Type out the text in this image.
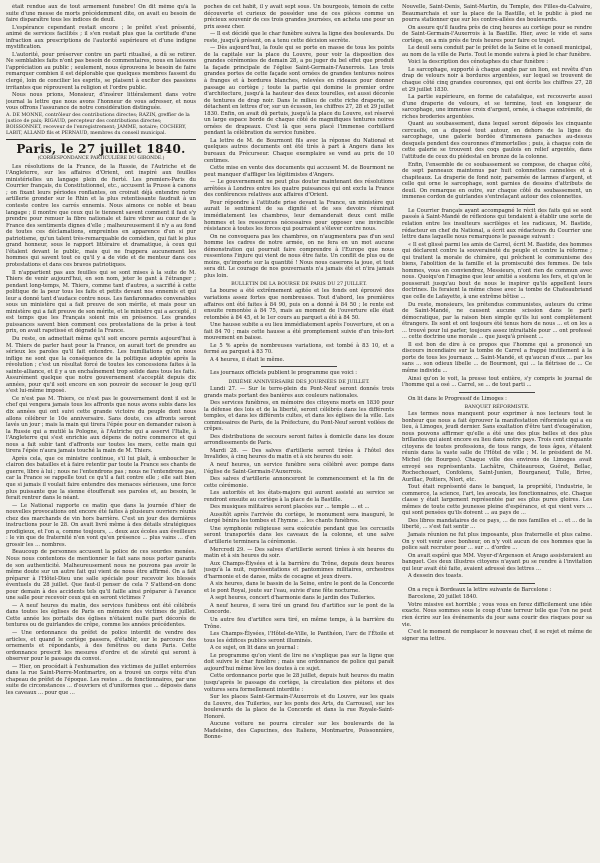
était rendue aux de tout armement funèbre! On dit même qu'à la suite d'une messe de morts précédemment dite, on avait eu besoin de faire disparaître tous les indices de deuil.

L'espérance cependant restait encore ; le préfet s'est présenté, animé de services facilités ; il s'en restait plus que la certitude d'une infraction aux prescriptions de l'autorité supérieure et d'une indigne mystification.

L'autorité, pour préserver contre un parti ritualisé, a dû se retirer. Ne semblables faits n'ont pas besoin de commentaires, nous en laissons l'appréciation au public ; seulement, nous éprouvons le besoin de faire remarquer combien il est déplorable que quelques membres fassent du clergé, loin de concilier les esprits, se plaisent à exciter des passions irritantes que réprouvent la religion et l'ordre public.

Nous nous prions, Monsieur, d'insérer littéralement dans votre journal la lettre que nous avons l'honneur de vous adresser, et nous vous offrons l'assurance de notre considération distinguée.

A. DE MONNE, contrôleur des contributions directes; RAZIN, greffier de la justice de paix; RIGAUD, percepteur des contributions directes; BOISSONNET, receveur de l'enregistrement; JAMME, notaire; COCHERY, LABIT, ALLAND fils et PERNAUD, membres du conseil municipal.

Paris, le 27 juillet 1840.
(CORRESPONDANCE PARTICULIÈRE DU GIRONDE.)

Les résolutions de la France, de la Russie, de l'Autriche et de l'Angleterre, sur les affaires d'Orient, ont inspiré aux feuilles ministérielles un langage plein de fierté. Les premiers-Paris du Courrier français, du Constitutionnel, etc., accusent la Prusse à canons ; on fixant leurs périodes ronflantes, on croirait déjà entendre notre artillerie gronder sur le Rhin et la plus retentissante faudrait à un conteste contre les carrés ennemis. Nous aimons ce noble et beau langage ; il montre que ceux qui le tiennent savent comment il faut s'y prendre pour remuer la fibre nationale et faire vibrer au cœur de la France des sentiments dignes d'elle ; malheureusement il n'y a au fond de toutes ces déclamations, empreintes en apparence d'un si pur patriotisme, qu'un talent très-remarquable de comédien, qui fait le plus grand honneur, sous le rapport littéraire et dramatique, à ceux qui l'étalent devant le public, mais qui ne frappera aucunement les hommes qui savent tout ce qu'il y a de vide et de menteur dans ces protestations et dans ces bravos patriotiques.

Il n'appartient pas aux feuilles qui se sont mises à la suite de M. Thiers de venir aujourd'hui, en son nom, jeter le gant à l'étranger ; pendant long-temps, M. Thiers, comme tant d'autres, a sacrifié à cette politique de la peur tous les faits et petits devant nos ennemis et qui leur a donné tant d'audace contre nous. Les fanfaronnades convenables sous un ministère qui a fait preuve de son mérite, et mais pour un ministère qui a fait preuve de son mérite, et le ministre qui a accepté, il est temps que les Français soient mis en présence. Les grandes puissances savent bien comment ces protestations de la prise à tout prix, on avait rapetissé et dégradé la France.

Du reste, on admettait même qu'il soit encore permis aujourd'hui à M. Thiers de parler haut pour la France, on aurait tort de prendre au sérieux les paroles qu'il fait entendre. Les humiliations qu'on nous inflige ne sont que la conséquence de la politique adoptée après la révolution ; c'est un résultat forcé de toutes les concessions faites à la sainte-alliance, et il y a un enchaînement trop solide dans tous les faits. Assurément quelque que notre gouvernement s'acceptât depuis dix années, pour qu'il soit encore en son pouvoir de secouer le joug qu'il s'est lui-même imposé.

Ce n'est pas M. Thiers, ce n'est pas le gouvernement dont il est le chef qui vengera jamais tous les affronts que nous avons subis dans les dix années qui ont suivi cette grande victoire du peuple dont nous allons célébrer le 10e anniversaire. Sans doute, ces affronts seront lavés un jour ; mais la main qui tirera l'épée pour en demander raison à la Russie qui a mutilé la Pologne, à l'Autriche qui a asservi l'Italie, à l'Angleterre qui s'est enrichie aux dépens de notre commerce et qui nous a fait subir tant d'affronts sur toutes les mers, cette main qui tirera l'épée n'aura jamais touché la main de M. Thiers.

Après cela, que ce ministre continue, s'il lui plaît, à emboucher le clairon des batailles et à faire retentir par toute la France ses chants de guerre, libre à lui ; nous ne l'entendrons pas ; nous ne l'entendrons pas, car la France se rappelle tout ce qu'il a fait contre elle ; elle sait bien que si jamais il voulait faire entendre des menaces sérieuses, une force plus puissante que la sienne étoufferait ses paroles et, au besoin, le ferait rentrer dans le néant.

— Le National rapporte ce matin que dans la journée d'hier de nouvelles provocations ont encore été faites à plusieurs ouvriers réunis chez des marchands de vin hors barrière. C'est un jour des dernières instructions pour le 28. On avait livré même à des détails stratégiques prodigieux, et l'on a, comme toujours, ... deux aux écoles aux éveilleurs : le vin que de fraternité n'en vont qu'en présence ... plus vains ... d'en grossir les ... nombres.

Beaucoup de personnes accusent la police de ces sourdes menées. Nous nous contentons de mentionner le fait sans nous porter garants de son authenticité. Malheureusement nous ne pouvons pas avoir le même doute sur un autre fait qui vient de nous être affirmé. On a fait préparer à l'Hôtel-Dieu une salle spéciale pour recevoir les blessés éventuels du 28 juillet. Que faut-il penser de cela ? S'attend-on donc pour demain à des accidents tels qu'il faille ainsi préparer à l'avance une salle pour recevoir ceux qui en seront victimes ?

— A neuf heures du matin, des services funèbres ont été célébrés dans toutes les églises de Paris en mémoire des victimes de juillet. Cette année les portails des églises n'étaient nulle part décorés de tentures ou de guirlandes de crêpe, comme les années précédentes.

— Une ordonnance du préfet de police interdit de vendre des articles, et quand le cortège passera, d'établir, sur le parcours des ornements et répondants, à des fenêtres ou dans Paris. Cette ordonnance prescrit les mesures d'ordre et de sûreté qui seront à observer pour le passage du convoi.

— Hier, on procédait à l'exhumation des victimes de juillet enterrées dans la rue Saint-Pierre-Montmartre, on a trouvé un corps vêtu d'un chapeau de préfet de l'époque. Les restes ... de fonctionnaires, par une suite de circonstances ... d'ouvriers et d'uniformes que ... déposés dans les caveaux ... pour que ...

poches de cet habit, il y avait sept sous. Un bourgeois, témoin de cette découverte et curieux de posséder une de ces pièces comme un précieux souvenir de ces trois grandes journées, en acheta une pour un prix assez cher.

— Il est décidé que le char funèbre suivra la ligne des boulevards. Du reste, jusqu'à présent, on a tenu cette décision secrète.

— Dès aujourd'hui, la foule qui se porte en masse de tous les points de la capitale sur la place du Louvre, pour voir la disposition des grandes cérémonies de demain 28, a pu juger du bel effet que produit la façade principale de l'église Saint-Germain-l'Auxerrois. Les trois grandes portes de cette façade sont ornées de grandes tentures noires à franges et à bordures blanches, relevées en rideaux pour donner passage au cortège ; toute la partie qui domine le premier ordre d'architecture, jusqu'à la hauteur des deux tourelles, est aussi décorée de tentures de drap noir. Dans le milieu de cette riche draperie, se détachent en lettres d'or, sur un écusson, les chiffres 27, 28 et 29 juillet 1830. Enfin, on avait dû pertuis, jusqu'à la place du Louvre, est réservé un large espace borde de chaque côté de magnifiques tentures noires ornées de drapeaux. C'est là que sera placé l'immense corbillard pendant la célébration du service funèbre.

La lettre de M. de Bourmont fils avec la réponse du National et quelques autres documents ont été tirés à part à Angers dans les bureaux du Précurseur. Chaque exemplaire se vend au prix de 10 centimes.

Cette mise en vente des documents qui accusent M. de Bourmont ne peut manquer d'affliger les légitimistes d'Angers.

— Le gouvernement ne peut plus douter maintenant des résolutions arrêtées à Londres entre les quatre puissances qui ont exclu la France des conférences relatives aux affaires d'Orient.

Pour répondre à l'attitude prise devant la France, un ministère qui aurait le sentiment de sa dignité et de ses devoirs réunirait immédiatement les chambres, leur demanderait deux cent mille hommes et les ressources nécessaires pour opposer une invincible résistance à toutes les forces qui pourraient s'élever contre nous.

On ne convoquera pas les chambres, on n'augmentera pas d'un seul homme les cadres de notre armée, on ne fera en un mot aucune démonstration qui pourrait faire comprendre à l'Europe que nous ressentons l'injure qui vient de nous être faite. Un conflit de plus ou de moins, qu'importe sur la quantité ! Nous nous caserons la joue, et tout sera dit. Le courage de nos gouvernants n'a jamais été et n'ira jamais plus loin.

BULLETIN DE LA BOURSE DE PARIS DU 27 JUILLET.

La bourse a été extrêmement agitée et les fonds ont éprouvé des variations assez fortes que nombreuses. Tout d'abord, les premières affaires ont été faites à 84 90, puis on a donné à 84 50 ; le rente est ensuite remontée à 84 75, mais au moment de l'ouverture elle était retombée à 84 45, et le 1er cours au parquet a été à 84 50.

Une hausse subite a eu lieu immédiatement après l'ouverture, et on a fait 84 70 ; mais cette hausse a été promptement suivie d'un très-fort mouvement en baisse.

Le 5 % après de nombreuses variations, est tombé à 83 10, et a fermé au parquet à 83 70.

A 4 heures, il était le même.

Les journaux officiels publient le programme que voici :

DIXIÈME ANNIVERSAIRE DES JOURNÉES DE JUILLET.

Lundi 27. — Sur le terre-plein du Pont-Neuf seront donnés trois grands mats portant des banières aux couleurs nationales.

Des services funèbres, en mémoire des citoyens morts en 1830 pour la défense des lois et de la liberté, seront célébrés dans les différents temples, et dans les différents cultes, et dans les églises de la ville. Les commissaires de Paris, de la Préfecture, du Pont-Neuf seront voilées de crêpes.

Des distributions de secours seront faites à domicile dans les douze arrondissements de Paris.

Mardi 28. — Des salves d'artillerie seront tirées à l'hôtel des Invalides, à cinq heures du matin et à six heures du soir.

A neuf heures, un service funèbre sera célébré avec pompe dans l'église de Saint-Germain-l'Auxerrois.

Des salves d'artillerie annonceront le commencement et la fin de cette cérémonie.

Les autorités et les états-majors qui auront assisté au service se rendront ensuite au cortège à la place de la Bastille.

Des musiques militaires seront placées sur ... temple ... et ...

Aussitôt après l'arrivée du cortège, le monument sera inauguré, le clergé bénira les tombes et l'hymne ... les chants funèbres.

Une symphonie religieuse sera exécutée pendant que les cercueils seront transportés dans les caveaux de la colonne, et une salve d'artillerie terminera la cérémonie.

Mercredi 29. — Des salves d'artillerie seront tirées à six heures du matin et à six heures du soir.

Aux Champs-Élysées et à la barrière du Trône, depuis deux heures jusqu'à la nuit, représentations et pantomimes militaires, orchestres d'harmonie et de danse, mâts de cocagne et jeux divers.

A six heures, dans le bassin de la Seine, entre le pont de la Concorde et le pont Royal, joute sur l'eau, suivie d'une fête nocturne.

A sept heures, concert d'harmonie dans le jardin des Tuileries.

A neuf heures, il sera tiré un grand feu d'artifice sur le pont de la Concorde.

Un autre feu d'artifice sera tiré, en même temps, à la barrière du Trône.

Les Champs-Élysées, l'Hôtel-de-Ville, le Panthéon, l'arc de l'Étoile et tous les édifices publics seront illuminés.

A ce sujet, on lit dans un journal :

Le programme qu'on vient de lire ne s'explique pas sur la ligne que doit suivre le char funèbre ; mais une ordonnance de police qui paraît aujourd'hui même lève les doutes à ce sujet.

Cette ordonnance porte que le 28 juillet, depuis huit heures du matin jusqu'après le passage du cortège, la circulation des piétons et des voitures sera formellement interdite :

Sur les places Saint-Germain-l'Auxerrois et du Louvre, sur les quais du Louvre, des Tuileries, sur les ponts des Arts, du Carrousel, sur les boulevards de la place de la Concorde et dans la rue Royale-Saint-Honoré.

Aucune voiture ne pourra circuler sur les boulevards de la Madeleine, des Capucines, des Italiens, Montmartre, Poissonnière, Bonne-

Nouvelle, Saint-Denis, Saint-Martin, du Temple, des Filles-du-Calvaire, Beaumarchais et sur la place de la Bastille, et le public à pied ne pourra stationner que sur les contre-allées des boulevards.

On assure qu'il faudra près de cinq heures au cortège pour se rendre de Saint-Germain-l'Auxerrois à la Bastille. Hier, avec le vide et sans cortège, on a mis près de trois heures pour faire ce trajet.

Le deuil sera conduit par le préfet de la Seine et le conseil municipal, au nom de la ville de Paris. Tout le monde suivra à pied le char funèbre.

Voici la description des cénotaphes du char funèbre :

Le sarcophage, supporté à chaque angle par un lion, est revêtu d'un drap de velours noir à bordures argentées, sur lequel se trouvent de chaque côté cinq grandes couronnes, qui ont écrits les chiffres 27, 28 et 29 juillet 1830.

La partie supérieure, en forme de catafalque, est recouverte aussi d'une draperie de velours, et se termine, tout en longueur de sarcophage, une immense croix d'argent, ornée, à chaque extrémité, de riches broderies argentées.

Quant au soubassement, dans lequel seront déposés les cinquante cercueils, on a disposé tout autour, en dehors de la ligne du sarcophage, une galerie bordée d'immenses panaches au-dessus desquels pendent des couronnes d'immortelles ; puis, à chaque coin de cette galerie se trouvent des coqs gaulois en relief argentés, dans l'attitude de ceux du piédestal en bronze de la colonne.

Enfin, l'ensemble de ce soubassement se compose, de chaque côté, de sept panneaux maintenus par huit colonnettes cannelées et à chapiteaux. La draperie de fond noir, parsemée de larmes d'argent, et celle qui orne le sarcophage, sont garnies de dessins d'attributs de deuil. On remarque en outre, sur chaque côté du soubassement, un immense cordon de guirlandes s'entrelaçant autour des colonnettes.

Le Courrier français ayant accompagné le récit des faits qui se sont passés à Saint-Mandé de réflexions qui tendaient à établir une sorte de relation entre les insulteurs sacrilèges et les radicaux, M. Bastide, rédacteur en chef du National, a écrit aux rédacteurs du Courrier une lettre dans laquelle nous remarquons le passage suivant :

« Il est glissé parmi les amis de Carrel, écrit M. Bastide, des hommes qui déclarent contre la souveraineté du peuple et contre la réforme ; qui traitent la morale de chimère, qui prêchent le communisme des biens, l'abolition de la famille et la promiscuité des femmes. De tels hommes, vous en conviendrez, Messieurs, n'ont rien de commun avec nous. Quoiqu'on l'imagine que leur amitié a soutenu les fers, et qu'on le pousserait jusqu'au bout de nous le inspirer qu'ils appellent leurs doctrines. Ils feraient la même chose avec la tombe de Chateaubriand que celle de Lafayette, à une extrême bêtise ...

Du reste, monsieurs, les prétendus communistes, auteurs du crime de Saint-Mandé, ne causent aucune scission dans le parti démocratique, par la raison bien simple qu'ils lui sont complètement étrangers. Ils sont et ont toujours été tenus hors de nous ... et on les a ... trouvé pour lui parler, toujours assez intraitable pour ... ont professé ... cette doctrine une morale ... que jusqu'à présent ...

Il est bon de dire à ce propos que l'homme qui a prononcé un discours incendiaire sur la tombe de Carrel a frappé inutilement à la porte de tous les journaux ... Saint-Mandé, et qu'aucun d'eux ... par les sans ... son odieux libelle ... de Bourmont, qui ... la flétrisse de ... Ce même individu ...

Ainsi qu'on le voit, la presse tout entière, s'y compris le journal de l'homme qui a osé ... Carrel, se ... de tout parti ...

On lit dans le Progressif de Limoges :

BANQUET RÉFORMISTE.

Les termes nous manquent pour exprimer à nos lecteurs tout le bonheur que nous a fait éprouver la manifestation réformiste qui a eu lieu, à Limoges, jeudi dernier. Sans exaltation d'être tant d'exagération, nous pouvons affirmer qu'elle a été une des plus belles et des plus brillantes qui aient encore eu lieu dans notre pays. Trois cent cinquante citoyens de toutes professions, de tous rangs, de tous âges, s'étaient réunis dans la vaste salle de l'Hôtel de ville ; M. le président de M. Michel (de Bourges). Chaque ville des environs de Limoges avait envoyé ses représentants. Lachâtre, Châteauroux, Guéret, Bellac, Rochechouart, Confolens, Saint-Junien, Bourganeuf, Tulle, Brive, Aurillac, Poitiers, Niort, etc.

Tout était représenté dans le banquet, la propriété, l'industrie, le commerce, la science, l'art, les avocats, les fonctionnaires, etc. Chaque classe y était largement représentée par ses plus pures gloires. Les mêmes de toute cette jeunesse pleine d'espérance, et qui vient vers ... qui sont pensées qu'ils doivent ... au pays de ...

Des libres mandataires de ce pays, ... de nos familles et ... et ... de la liberté, ... s'est fait sentir ...

Jamais réunion ne fut plus imposante, plus fraternelle et plus calme. On y voit venir avec bonheur, on n'y voit aucun de ces hommes que la police sait recruter pour ... sur ... d'ordre ...

On avait espéré que MM. Voyer-d'Argenson et Arago assisteraient au banquet. Ces deux illustres citoyens n'ayant pu se rendre à l'invitation qui leur avait été faite, avaient adressé des lettres ...

A dessein des toasts.

On a reçu à Bordeaux la lettre suivante de Barcelone :

Barcelone, 20 juillet 1840.

Votre missive est horrible ; vous vous en ferez difficilement une idée exacte. Nous sommes sous le coup d'une terreur telle que l'on ne peut rien écrire sur les événements du jour sans courir des risques pour sa vie.

C'est le moment de remplacer le nouveau chef, il se rejet et même de signer ma lettre.
